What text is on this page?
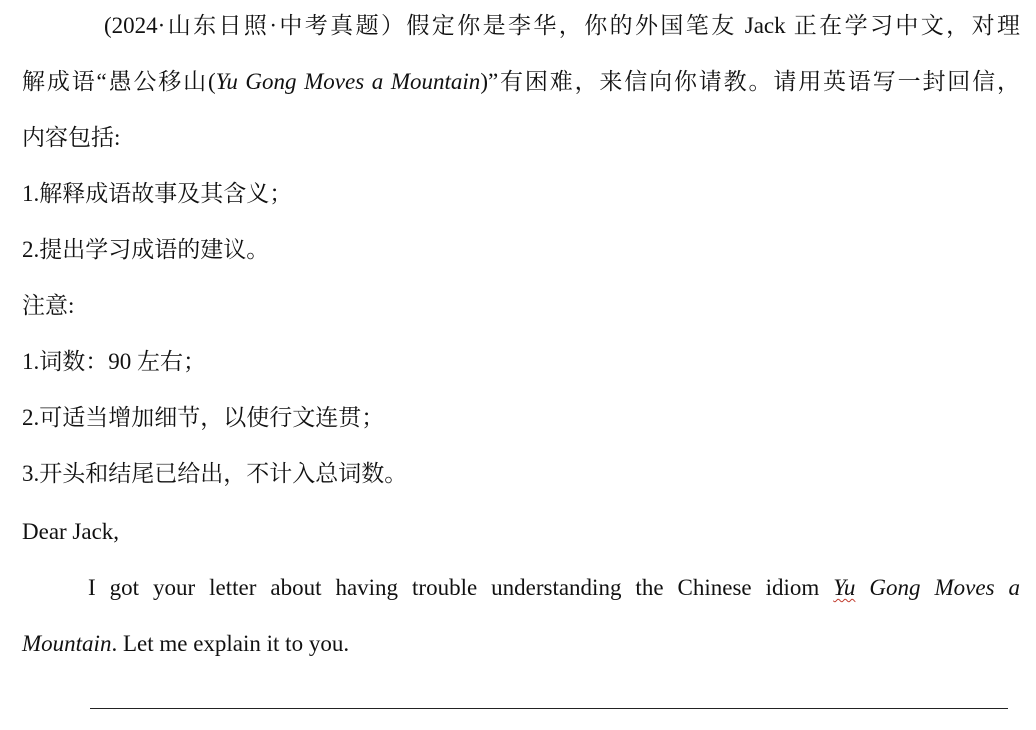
(2024·山东日照·中考真题）假定你是李华，你的外国笔友 Jack 正在学习中文，对理
解成语“愚公移山(Yu Gong Moves a Mountain)”有困难，来信向你请教。请用英语写一封回信，
内容包括:
1.解释成语故事及其含义；
2.提出学习成语的建议。
注意:
1.词数：90 左右；
2.可适当增加细节，以使行文连贯；
3.开头和结尾已给出，不计入总词数。
Dear Jack,
I got your letter about having trouble understanding the Chinese idiom Yu Gong Moves a
Mountain. Let me explain it to you.
